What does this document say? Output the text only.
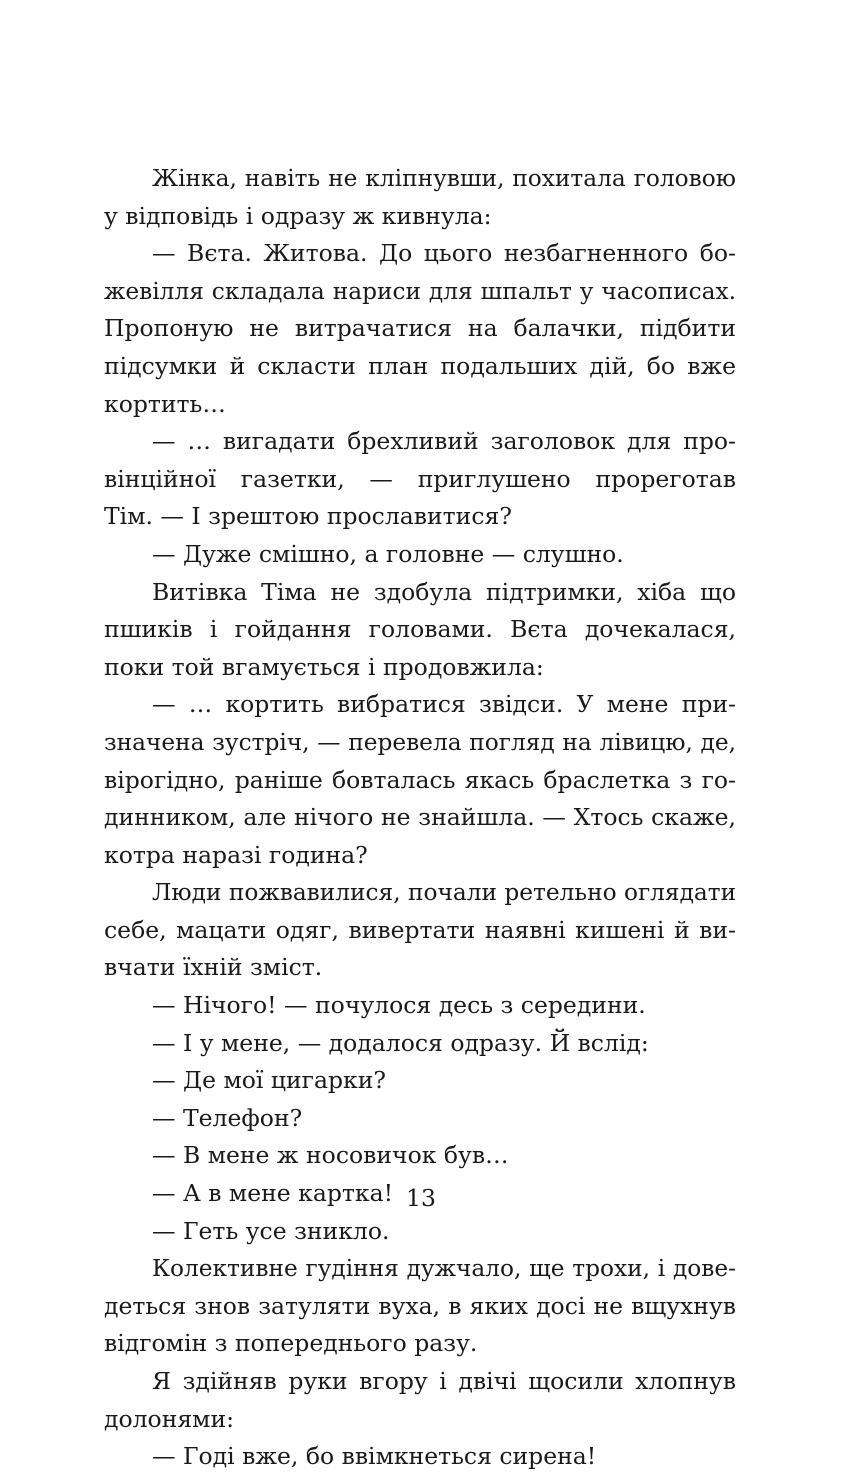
Жінка, навіть не кліпнувши, похитала головою
у відповідь і одразу ж кивнула:
— Вєта. Житова. До цього незбагненного бо-
жевілля складала нариси для шпальт у часописах.
Пропоную не витрачатися на балачки, підбити
підсумки й скласти план подальших дій, бо вже
кортить…
— … вигадати брехливий заголовок для про-
вінційної газетки, — приглушено прореготав
Тім. — І зрештою прославитися?
— Дуже смішно, а головне — слушно.
Витівка Тіма не здобула підтримки, хіба що
пшиків і гойдання головами. Вєта дочекалася,
поки той вгамується і продовжила:
— … кортить вибратися звідси. У мене при-
значена зустріч, — перевела погляд на лівицю, де,
вірогідно, раніше бовталась якась браслетка з го-
динником, але нічого не знайшла. — Хтось скаже,
котра наразі година?
Люди пожвавилися, почали ретельно оглядати
себе, мацати одяг, вивертати наявні кишені й ви-
вчати їхній зміст.
— Нічого! — почулося десь з середини.
— І у мене, — додалося одразу. Й вслід:
— Де мої цигарки?
— Телефон?
— В мене ж носовичок був…
— А в мене картка!
— Геть усе зникло.
Колективне гудіння дужчало, ще трохи, і дове-
деться знов затуляти вуха, в яких досі не вщухнув
відгомін з попереднього разу.
Я здійняв руки вгору і двічі щосили хлопнув
долонями:
— Годі вже, бо ввімкнеться сирена!
13
